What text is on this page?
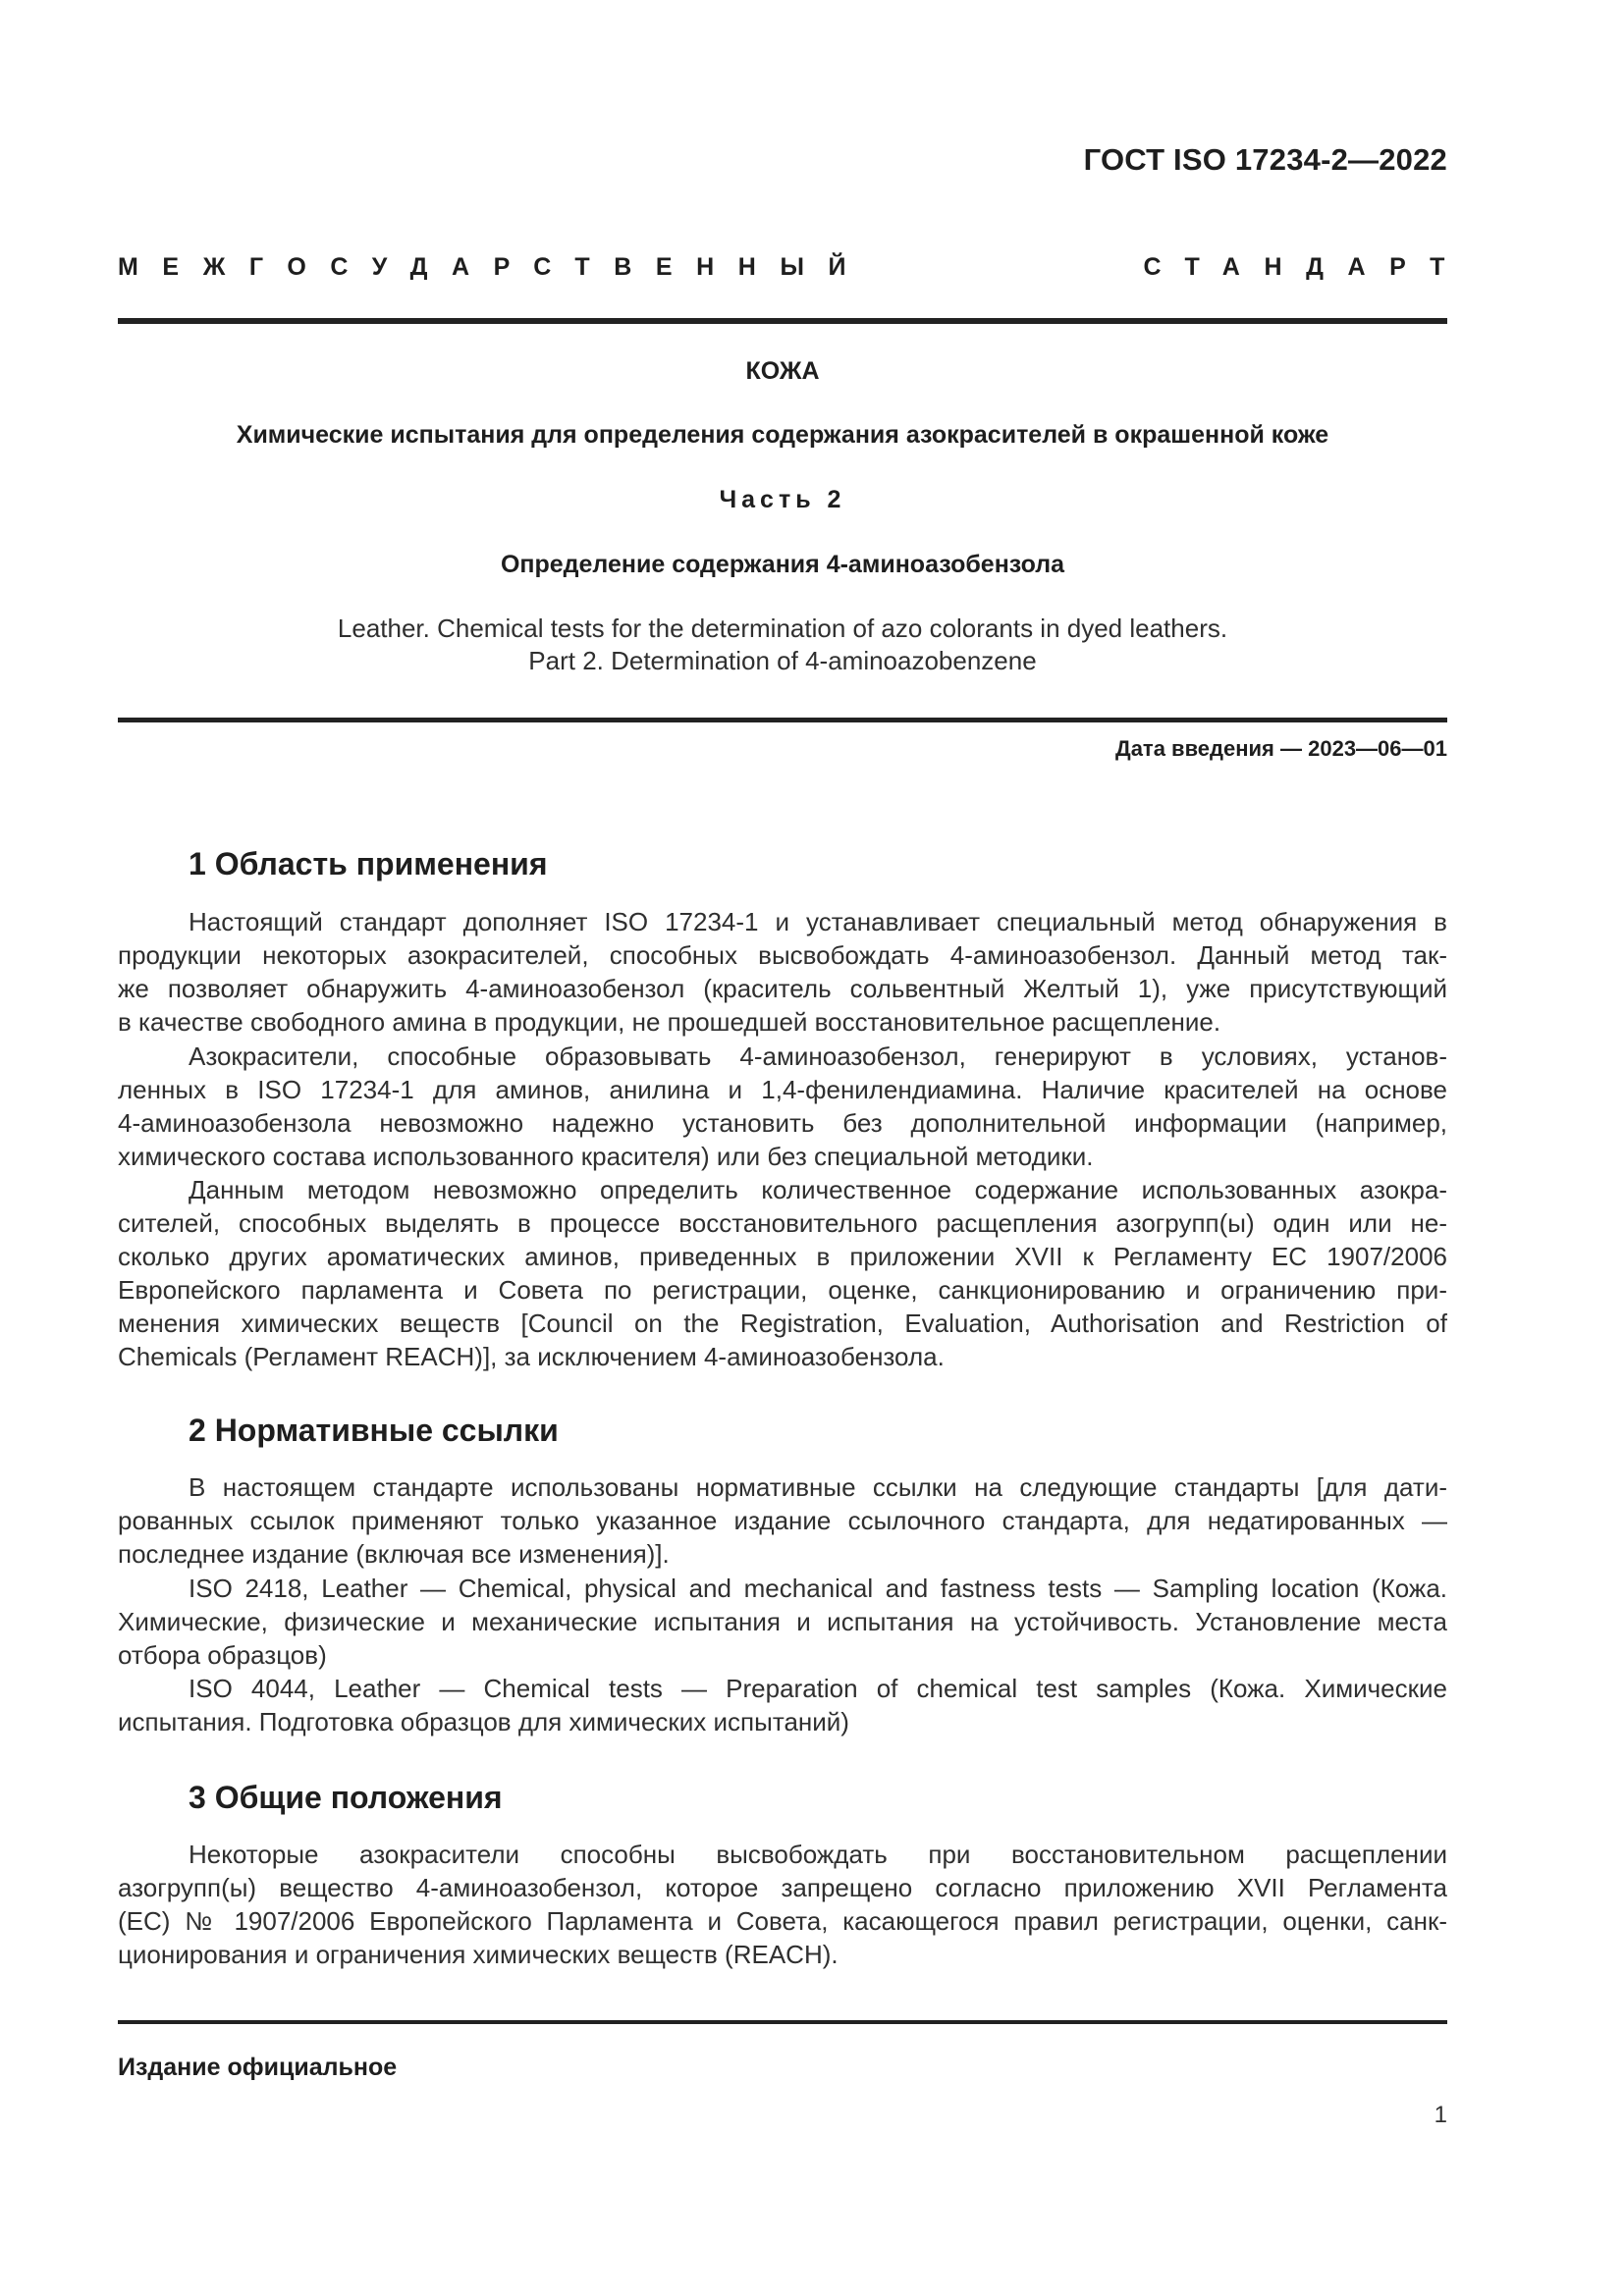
ГОСТ ISO 17234-2—2022
МЕЖГОСУДАРСТВЕННЫЙ	СТАНДАРТ
КОЖА
Химические испытания для определения содержания азокрасителей в окрашенной коже
Часть 2
Определение содержания 4-аминоазобензола
Leather. Chemical tests for the determination of azo colorants in dyed leathers.
Part 2. Determination of 4-aminoazobenzene
Дата введения — 2023—06—01
1 Область применения
Настоящий стандарт дополняет ISO 17234-1 и устанавливает специальный метод обнаружения в
продукции некоторых азокрасителей, способных высвобождать 4-аминоазобензол. Данный метод так-
же позволяет обнаружить 4-аминоазобензол (краситель сольвентный Желтый 1), уже присутствующий
в качестве свободного амина в продукции, не прошедшей восстановительное расщепление.
Азокрасители, способные образовывать 4-аминоазобензол, генерируют в условиях, установ-
ленных в ISO 17234-1 для аминов, анилина и 1,4-фенилендиамина. Наличие красителей на основе
4-аминоазобензола невозможно надежно установить без дополнительной информации (например,
химического состава использованного красителя) или без специальной методики.
Данным методом невозможно определить количественное содержание использованных азокра-
сителей, способных выделять в процессе восстановительного расщепления азогрупп(ы) один или не-
сколько других ароматических аминов, приведенных в приложении XVII к Регламенту ЕС 1907/2006
Европейского парламента и Совета по регистрации, оценке, санкционированию и ограничению при-
менения химических веществ [Council on the Registration, Evaluation, Authorisation and Restriction of
Chemicals (Регламент REACH)], за исключением 4-аминоазобензола.
2 Нормативные ссылки
В настоящем стандарте использованы нормативные ссылки на следующие стандарты [для дати-
рованных ссылок применяют только указанное издание ссылочного стандарта, для недатированных —
последнее издание (включая все изменения)].
ISO 2418, Leather — Chemical, physical and mechanical and fastness tests — Sampling location (Кожа.
Химические, физические и механические испытания и испытания на устойчивость. Установление места
отбора образцов)
ISO 4044, Leather — Chemical tests — Preparation of chemical test samples (Кожа. Химические
испытания. Подготовка образцов для химических испытаний)
3 Общие положения
Некоторые азокрасители способны высвобождать при восстановительном расщеплении
азогрупп(ы) вещество 4-аминоазобензол, которое запрещено согласно приложению XVII Регламента
(ЕС) № 1907/2006 Европейского Парламента и Совета, касающегося правил регистрации, оценки, санк-
ционирования и ограничения химических веществ (REACH).
Издание официальное
1
